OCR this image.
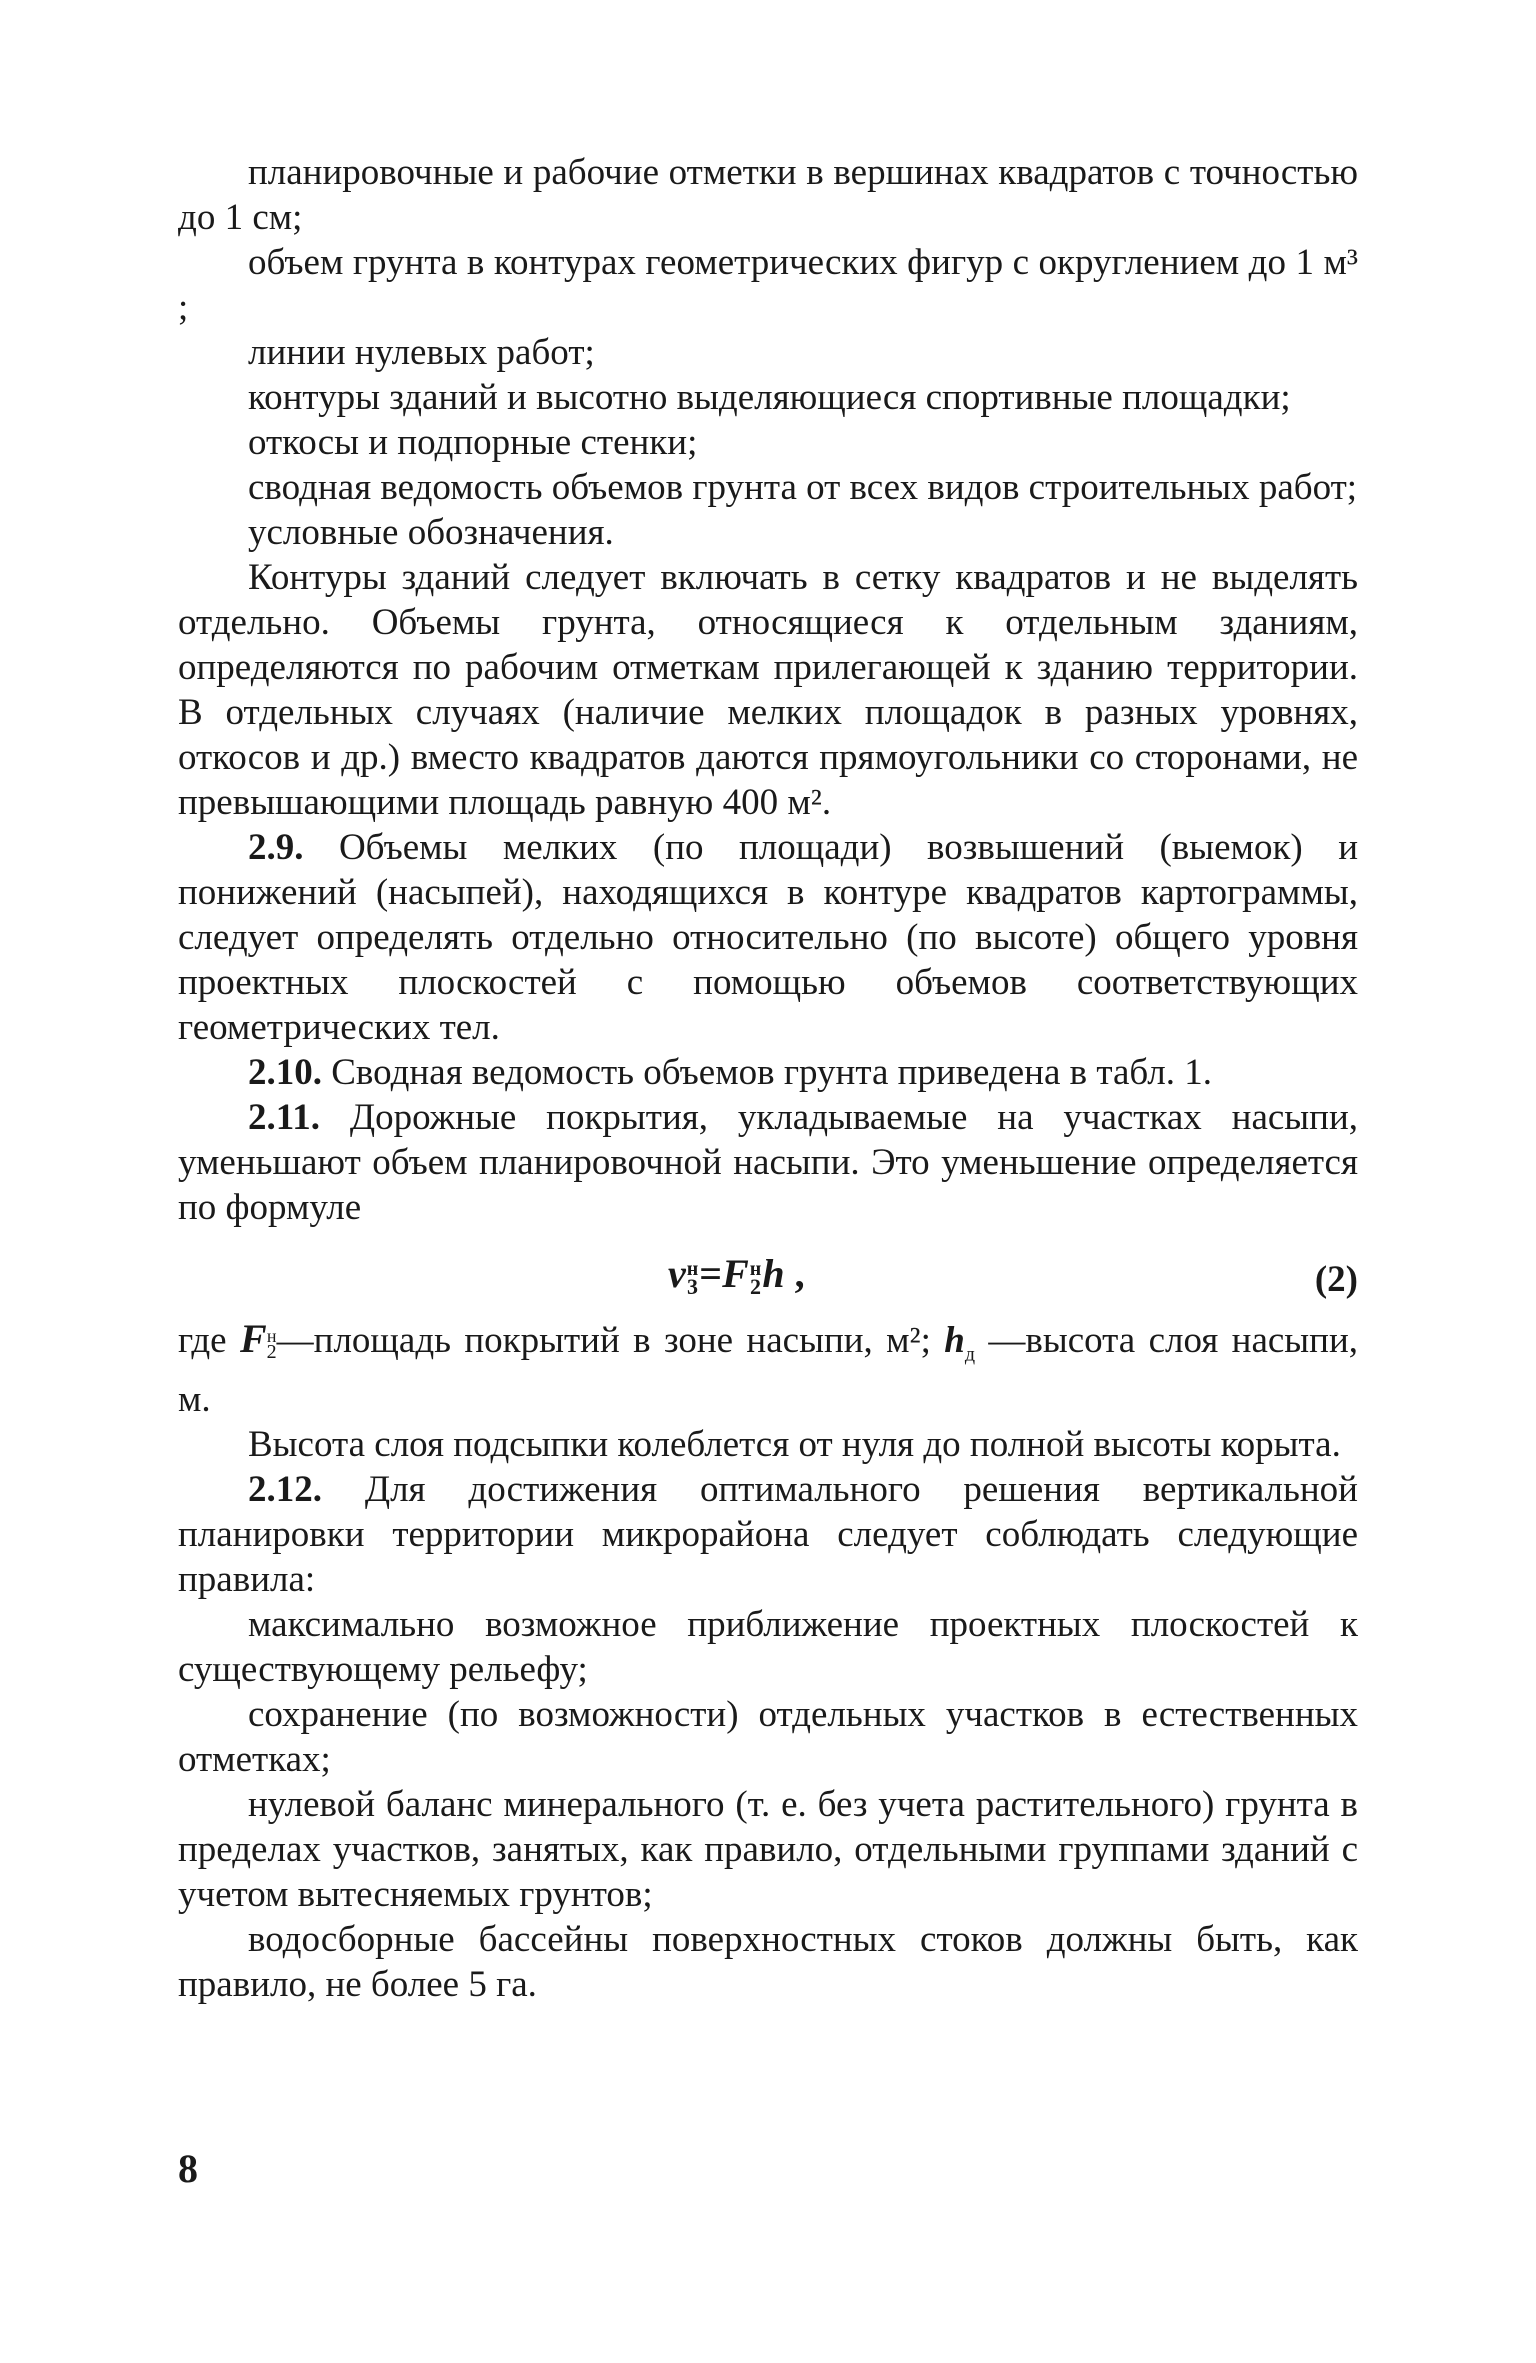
планировочные и рабочие отметки в вершинах квадратов с точностью до 1 см;

объем грунта в контурах геометрических фигур с округлением до 1 м³ ;

линии нулевых работ;

контуры зданий и высотно выделяющиеся спортивные площадки;

откосы и подпорные стенки;

сводная ведомость объемов грунта от всех видов строительных работ;

условные обозначения.

Контуры зданий следует включать в сетку квадратов и не выделять отдельно. Объемы грунта, относящиеся к отдельным зданиям, определяются по рабочим отметкам прилегающей к зданию территории. В отдельных случаях (наличие мелких площадок в разных уровнях, откосов и др.) вместо квадратов даются прямоугольники со сторонами, не превышающими площадь равную 400 м².

2.9. Объемы мелких (по площади) возвышений (выемок) и понижений (насыпей), находящихся в контуре квадратов картограммы, следует определять отдельно относительно (по высоте) общего уровня проектных плоскостей с помощью объемов соответствующих геометрических тел.

2.10. Сводная ведомость объемов грунта приведена в табл. 1.

2.11. Дорожные покрытия, укладываемые на участках насыпи, уменьшают объем планировочной насыпи. Это уменьшение определяется по формуле

v н
3 =F н
2 h ,	(2)

где F н
2 —площадь покрытий в зоне насыпи, м²; $h_д$ —высота слоя насыпи, м.

Высота слоя подсыпки колеблется от нуля до полной высоты корыта.

2.12. Для достижения оптимального решения вертикальной планировки территории микрорайона следует соблюдать следующие правила:

максимально возможное приближение проектных плоскостей к существующему рельефу;

сохранение (по возможности) отдельных участков в естественных отметках;

нулевой баланс минерального (т. е. без учета растительного) грунта в пределах участков, занятых, как правило, отдельными группами зданий с учетом вытесняемых грунтов;

водосборные бассейны поверхностных стоков должны быть, как правило, не более 5 га.

8
